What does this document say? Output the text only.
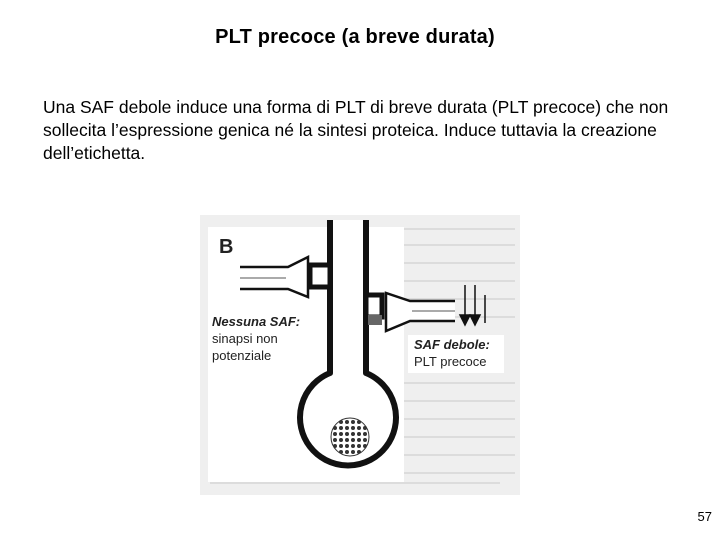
PLT precoce (a breve durata)
Una SAF debole induce una forma di PLT di breve durata (PLT precoce) che non sollecita l’espressione genica né la sintesi proteica. Induce tuttavia la creazione dell’etichetta.
B
Nessuna SAF:
sinapsi non
potenziale
SAF debole:
PLT precoce
57
